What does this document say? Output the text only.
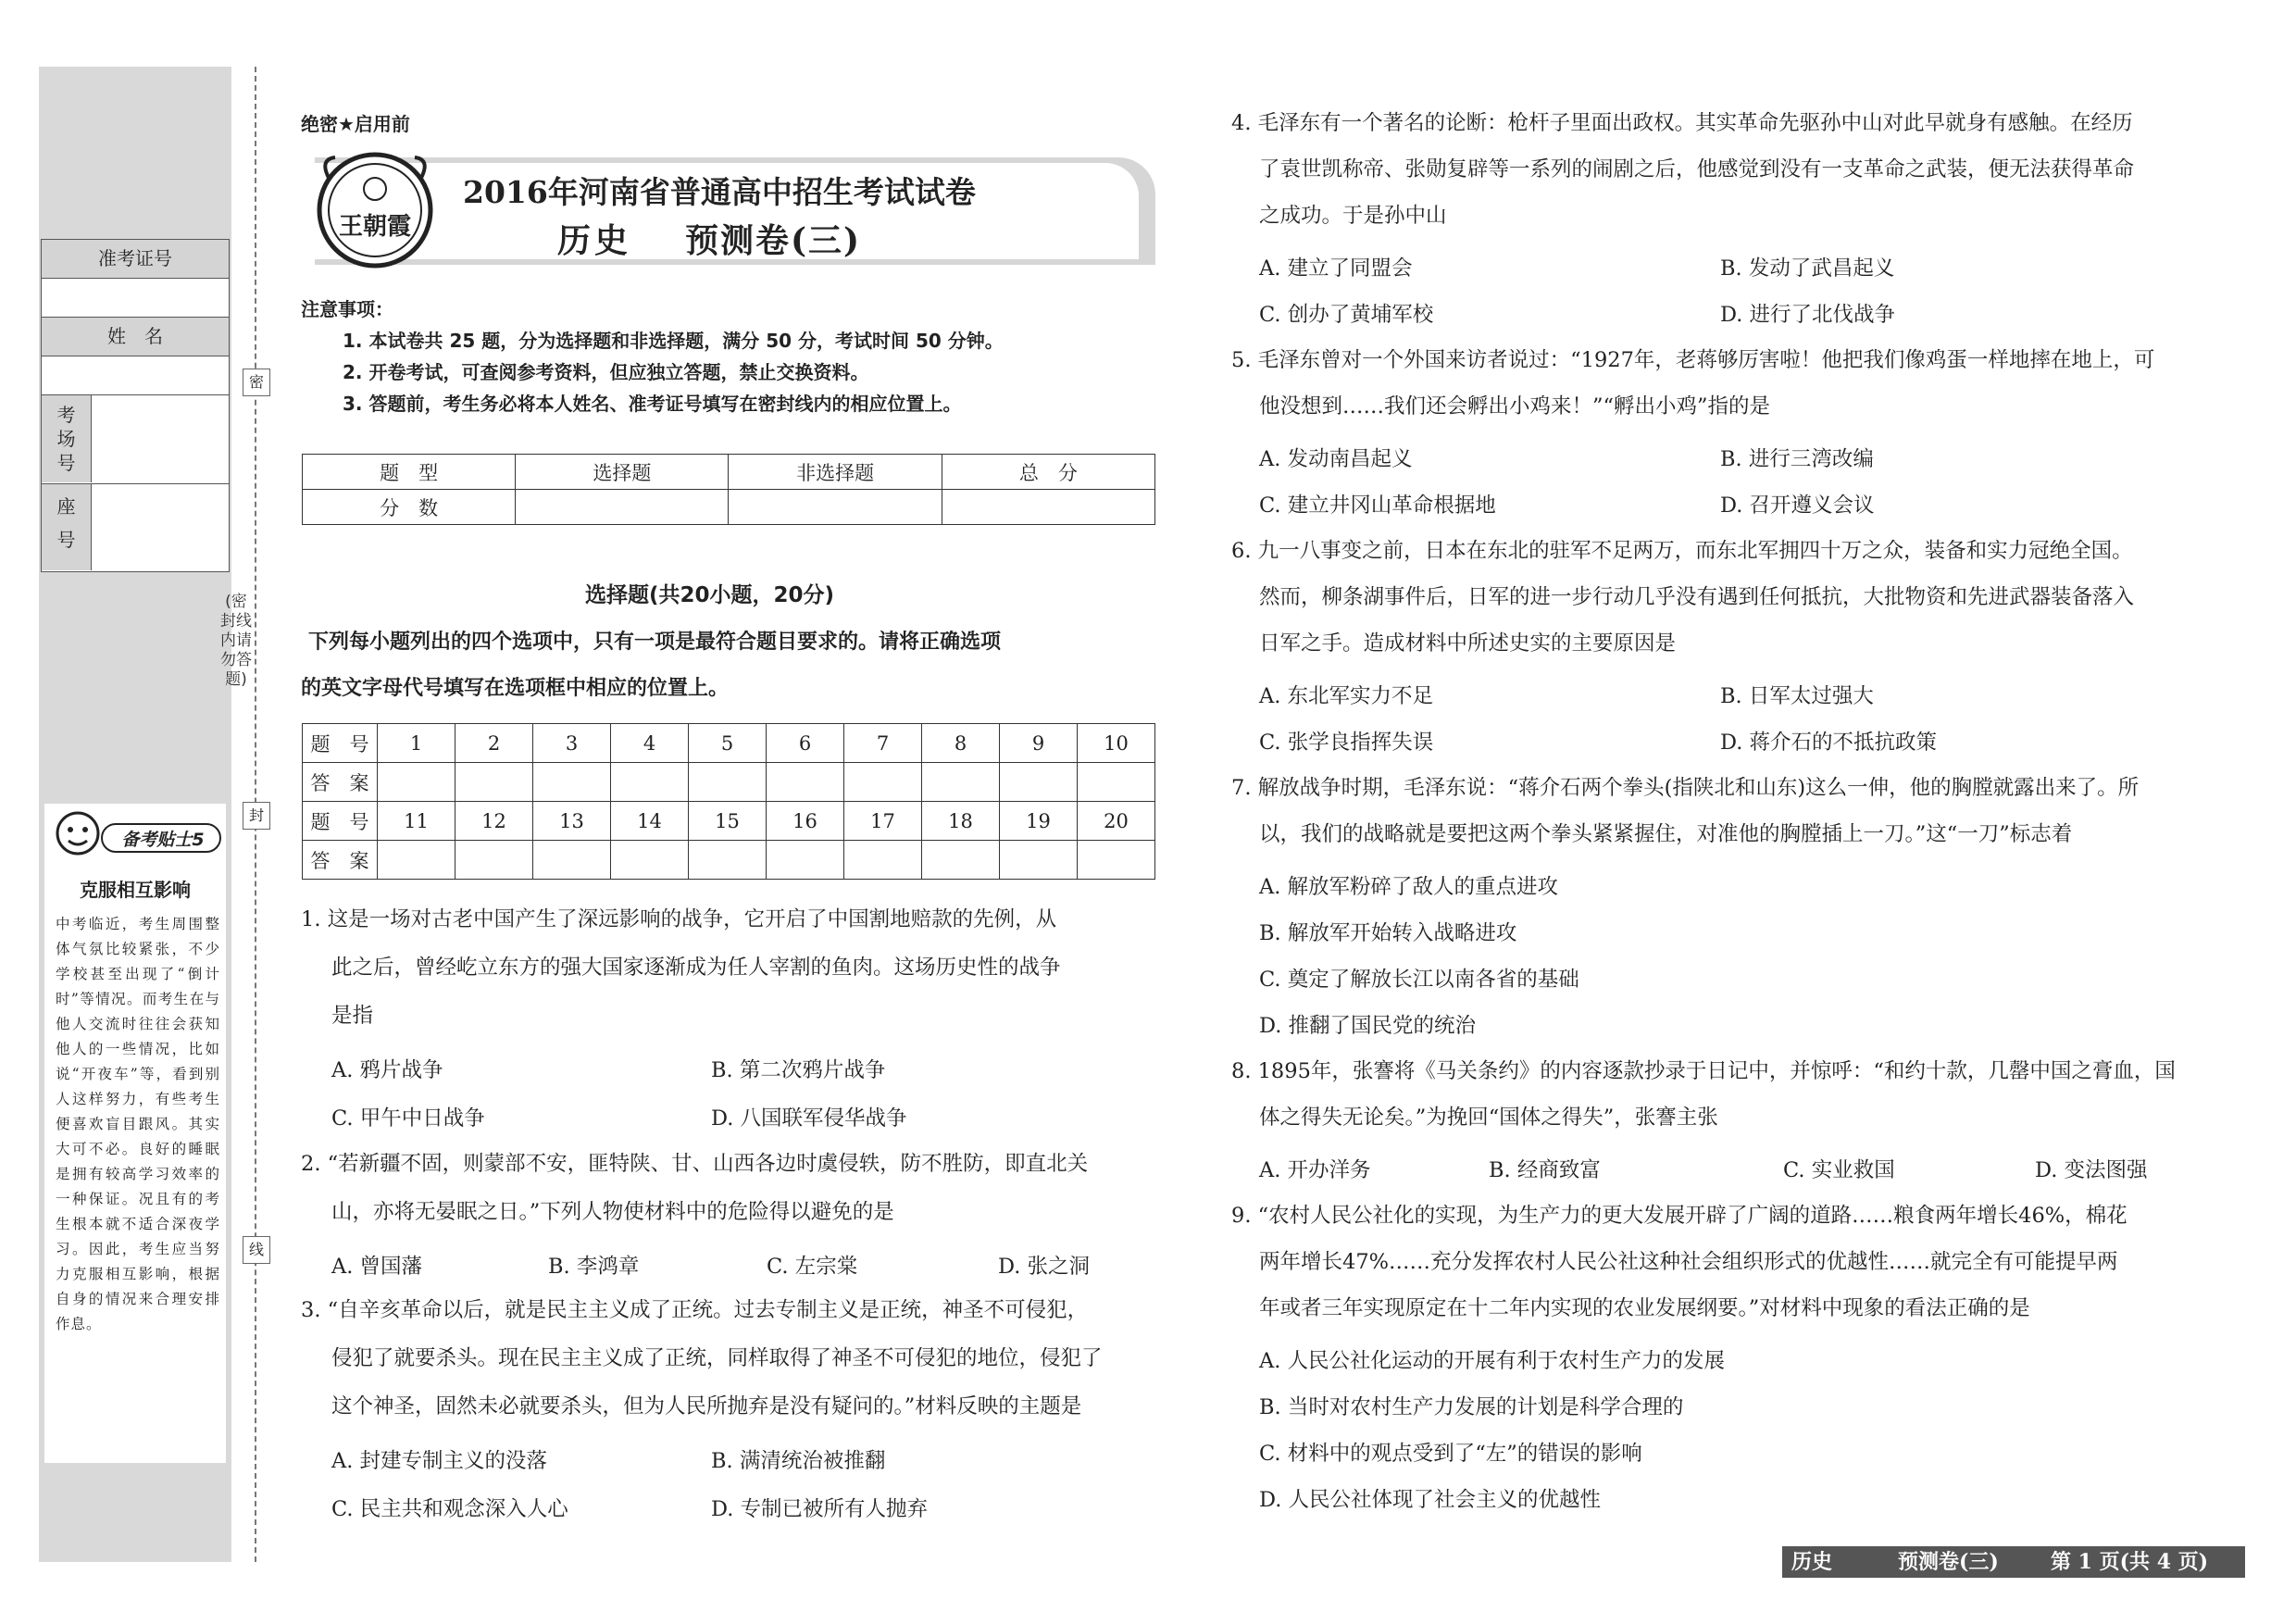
准考证号
姓　名
考场号
座号
密
封
线
(密封线内请勿答题)
备考贴士5
克服相互影响
中考临近，考生周围整体气氛比较紧张，不少学校甚至出现了“倒计时”等情况。而考生在与他人交流时往往会获知他人的一些情况，比如说“开夜车”等，看到别人这样努力，有些考生便喜欢盲目跟风。其实大可不必。良好的睡眠是拥有较高学习效率的一种保证。况且有的考生根本就不适合深夜学习。因此，考生应当努力克服相互影响，根据自身的情况来合理安排作息。
绝密★启用前
王朝霞
2016年河南省普通高中招生考试试卷
历史 预测卷(三)
注意事项：
1. 本试卷共 25 题，分为选择题和非选择题，满分 50 分，考试时间 50 分钟。
2. 开卷考试，可查阅参考资料，但应独立答题，禁止交换资料。
3. 答题前，考生务必将本人姓名、准考证号填写在密封线内的相应位置上。
题　型	选择题	非选择题	总　分
分　数			
选择题(共20小题，20分)
下列每小题列出的四个选项中，只有一项是最符合题目要求的。请将正确选项
的英文字母代号填写在选项框中相应的位置上。
题　号	1	2	3	4	5	6	7	8	9	10
答　案										
题　号	11	12	13	14	15	16	17	18	19	20
答　案										
1. 这是一场对古老中国产生了深远影响的战争，它开启了中国割地赔款的先例，从
此之后，曾经屹立东方的强大国家逐渐成为任人宰割的鱼肉。这场历史性的战争
是指
A. 鸦片战争	B. 第二次鸦片战争
C. 甲午中日战争	D. 八国联军侵华战争
2. “若新疆不固，则蒙部不安，匪特陕、甘、山西各边时虞侵轶，防不胜防，即直北关
山，亦将无晏眠之日。”下列人物使材料中的危险得以避免的是
A. 曾国藩	B. 李鸿章	C. 左宗棠	D. 张之洞
3. “自辛亥革命以后，就是民主主义成了正统。过去专制主义是正统，神圣不可侵犯，
侵犯了就要杀头。现在民主主义成了正统，同样取得了神圣不可侵犯的地位，侵犯了
这个神圣，固然未必就要杀头，但为人民所抛弃是没有疑问的。”材料反映的主题是
A. 封建专制主义的没落	B. 满清统治被推翻
C. 民主共和观念深入人心	D. 专制已被所有人抛弃
4. 毛泽东有一个著名的论断：枪杆子里面出政权。其实革命先驱孙中山对此早就身有感触。在经历
了袁世凯称帝、张勋复辟等一系列的闹剧之后，他感觉到没有一支革命之武装，便无法获得革命
之成功。于是孙中山
A. 建立了同盟会	B. 发动了武昌起义
C. 创办了黄埔军校	D. 进行了北伐战争
5. 毛泽东曾对一个外国来访者说过：“1927年，老蒋够厉害啦！他把我们像鸡蛋一样地摔在地上，可
他没想到……我们还会孵出小鸡来！”“孵出小鸡”指的是
A. 发动南昌起义	B. 进行三湾改编
C. 建立井冈山革命根据地	D. 召开遵义会议
6. 九一八事变之前，日本在东北的驻军不足两万，而东北军拥四十万之众，装备和实力冠绝全国。
然而，柳条湖事件后，日军的进一步行动几乎没有遇到任何抵抗，大批物资和先进武器装备落入
日军之手。造成材料中所述史实的主要原因是
A. 东北军实力不足	B. 日军太过强大
C. 张学良指挥失误	D. 蒋介石的不抵抗政策
7. 解放战争时期，毛泽东说：“蒋介石两个拳头(指陕北和山东)这么一伸，他的胸膛就露出来了。所
以，我们的战略就是要把这两个拳头紧紧握住，对准他的胸膛插上一刀。”这“一刀”标志着
A. 解放军粉碎了敌人的重点进攻
B. 解放军开始转入战略进攻
C. 奠定了解放长江以南各省的基础
D. 推翻了国民党的统治
8. 1895年，张謇将《马关条约》的内容逐款抄录于日记中，并惊呼：“和约十款，几罄中国之膏血，国
体之得失无论矣。”为挽回“国体之得失”，张謇主张
A. 开办洋务	B. 经商致富	C. 实业救国	D. 变法图强
9. “农村人民公社化的实现，为生产力的更大发展开辟了广阔的道路……粮食两年增长46%，棉花
两年增长47%……充分发挥农村人民公社这种社会组织形式的优越性……就完全有可能提早两
年或者三年实现原定在十二年内实现的农业发展纲要。”对材料中现象的看法正确的是
A. 人民公社化运动的开展有利于农村生产力的发展
B. 当时对农村生产力发展的计划是科学合理的
C. 材料中的观点受到了“左”的错误的影响
D. 人民公社体现了社会主义的优越性
历史	预测卷(三)	第 1 页(共 4 页)
